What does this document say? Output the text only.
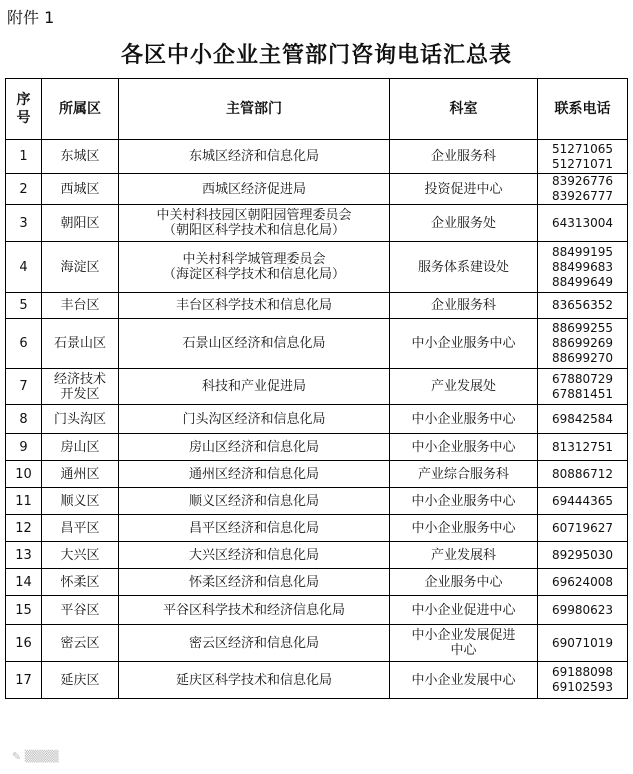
附件 1
各区中小企业主管部门咨询电话汇总表
序
号	所属区	主管部门	科室	联系电话
1	东城区	东城区经济和信息化局	企业服务科	51271065
51271071

2	西城区	西城区经济促进局	投资促进中心	83926776
83926777

3	朝阳区	中关村科技园区朝阳园管理委员会
（朝阳区科学技术和信息化局）	企业服务处	64313004

4	海淀区	中关村科学城管理委员会
（海淀区科学技术和信息化局）	服务体系建设处	88499195
88499683
88499649

5	丰台区	丰台区科学技术和信息化局	企业服务科	83656352

6	石景山区	石景山区经济和信息化局	中小企业服务中心	88699255
88699269
88699270

7	经济技术
开发区	科技和产业促进局	产业发展处	67880729
67881451

8	门头沟区	门头沟区经济和信息化局	中小企业服务中心	69842584

9	房山区	房山区经济和信息化局	中小企业服务中心	81312751

10	通州区	通州区经济和信息化局	产业综合服务科	80886712

11	顺义区	顺义区经济和信息化局	中小企业服务中心	69444365

12	昌平区	昌平区经济和信息化局	中小企业服务中心	60719627

13	大兴区	大兴区经济和信息化局	产业发展科	89295030

14	怀柔区	怀柔区经济和信息化局	企业服务中心	69624008

15	平谷区	平谷区科学技术和经济信息化局	中小企业促进中心	69980623

16	密云区	密云区经济和信息化局	中小企业发展促进
中心	69071019

17	延庆区	延庆区科学技术和信息化局	中小企业发展中心	69188098
69102593
✎ ▒▒▒▒
